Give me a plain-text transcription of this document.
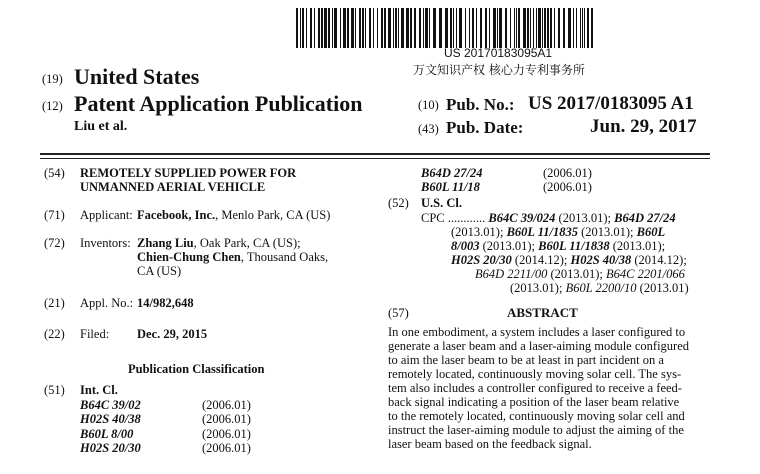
US 20170183095A1
万文知识产权 核心力专利事务所
(19) United States
(12) Patent Application Publication
Liu et al.
(10) Pub. No.: US 2017/0183095 A1
(43) Pub. Date:	Jun. 29, 2017
(54) REMOTELY SUPPLIED POWER FOR
UNMANNED AERIAL VEHICLE
(71) Applicant: Facebook, Inc., Menlo Park, CA (US)
(72) Inventors: Zhang Liu, Oak Park, CA (US);
Chien-Chung Chen, Thousand Oaks,
CA (US)
(21) Appl. No.: 14/982,648
(22) Filed: Dec. 29, 2015
Publication Classification
(51) Int. Cl.
B64C 39/02	(2006.01)
H02S 40/38	(2006.01)
B60L 8/00	(2006.01)
H02S 20/30	(2006.01)
B64D 27/24	(2006.01)
B60L 11/18	(2006.01)
(52) U.S. Cl.
CPC ............ B64C 39/024 (2013.01); B64D 27/24
(2013.01); B60L 11/1835 (2013.01); B60L
8/003 (2013.01); B60L 11/1838 (2013.01);
H02S 20/30 (2014.12); H02S 40/38 (2014.12);
B64D 2211/00 (2013.01); B64C 2201/066
(2013.01); B60L 2200/10 (2013.01)
(57)	ABSTRACT
In one embodiment, a system includes a laser configured to
generate a laser beam and a laser-aiming module configured
to aim the laser beam to be at least in part incident on a
remotely located, continuously moving solar cell. The sys-
tem also includes a controller configured to receive a feed-
back signal indicating a position of the laser beam relative
to the remotely located, continuously moving solar cell and
instruct the laser-aiming module to adjust the aiming of the
laser beam based on the feedback signal.
